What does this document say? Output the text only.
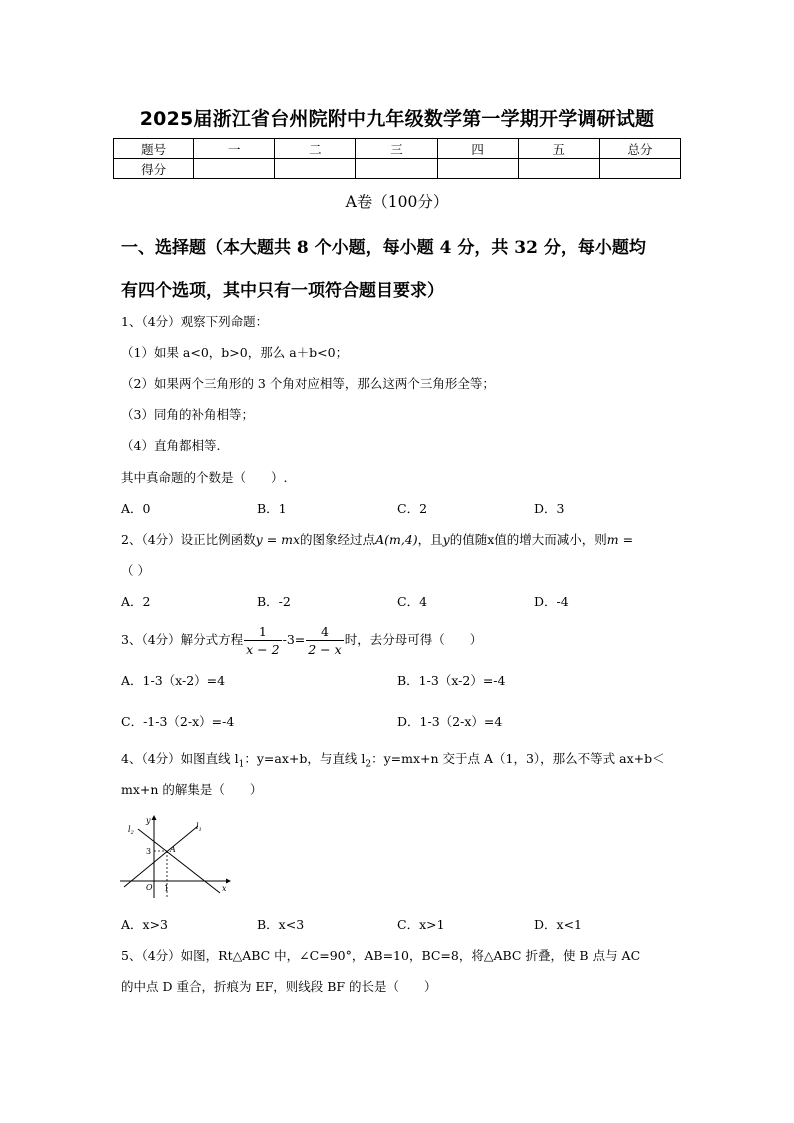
2025届浙江省台州院附中九年级数学第一学期开学调研试题
题号	一	二	三	四	五	总分
得分						
A卷（100分）
一、选择题（本大题共 8 个小题，每小题 4 分，共 32 分，每小题均
有四个选项，其中只有一项符合题目要求）
1、（4分）观察下列命题：
（1）如果 a<0，b>0，那么 a＋b<0；
（2）如果两个三角形的 3 个角对应相等，那么这两个三角形全等；
（3）同角的补角相等；
（4）直角都相等.
其中真命题的个数是（　　）.
A．0	B．1	C．2	D．3
2、（4分）设正比例函数y = mx的图象经过点A(m,4)，且y的值随x值的增大而减小，则m =
（ ）
A．2	B．-2	C．4	D．-4
3、（4分）解分式方程 $\frac{1}{x - 2} -3= \frac{4}{2 - x}$ 时，去分母可得（　　）
A．1-3（x-2）=4	B．1-3（x-2）=-4
C．-1-3（2-x）=-4	D．1-3（2-x）=4
4、（4分）如图直线 $l_1$：y=ax+b，与直线 $l_2$：y=mx+n 交于点 A（1，3），那么不等式 ax+b＜
mx+n 的解集是（　　）
$l_2$
$l_1$
y
x
O
A
3
1
A．x>3	B．x<3	C．x>1	D．x<1
5、（4分）如图，Rt△ABC 中，∠C=90°，AB=10，BC=8，将△ABC 折叠，使 B 点与 AC
的中点 D 重合，折痕为 EF，则线段 BF 的长是（　　）
